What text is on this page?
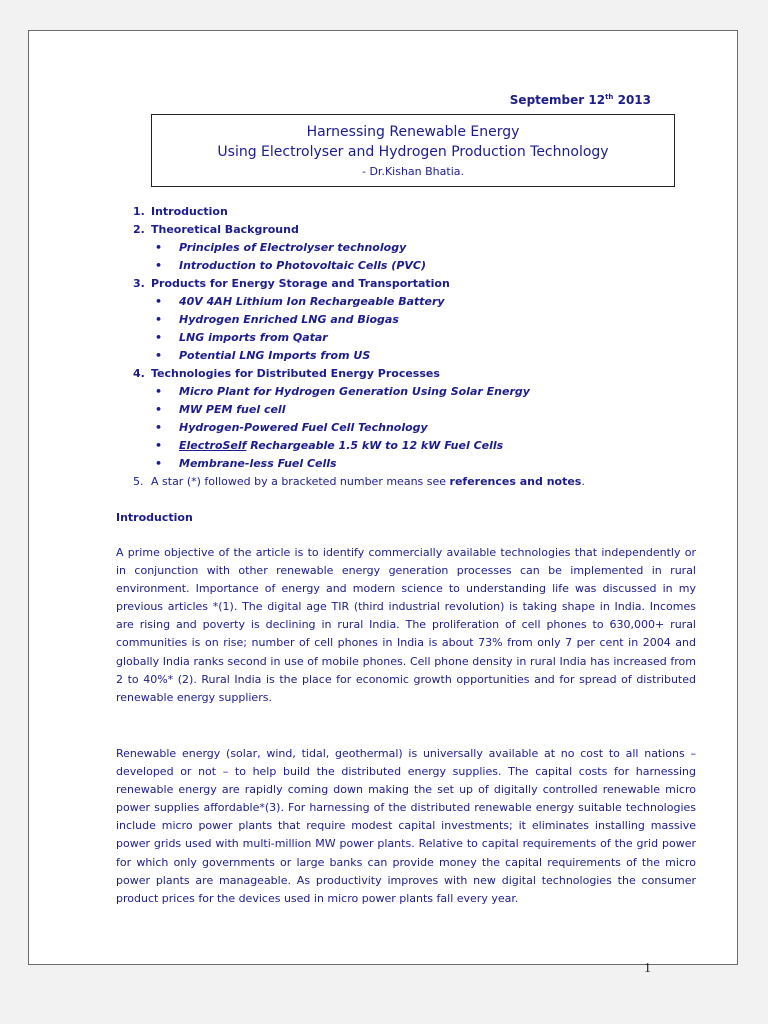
September 12th 2013
Harnessing Renewable Energy
Using Electrolyser and Hydrogen Production Technology
- Dr.Kishan Bhatia.
1. Introduction
2. Theoretical Background
• Principles of Electrolyser technology
• Introduction to Photovoltaic Cells (PVC)
3. Products for Energy Storage and Transportation
• 40V 4AH Lithium Ion Rechargeable Battery
• Hydrogen Enriched LNG and Biogas
• LNG imports from Qatar
• Potential LNG Imports from US
4. Technologies for Distributed Energy Processes
• Micro Plant for Hydrogen Generation Using Solar Energy
• MW PEM fuel cell
• Hydrogen-Powered Fuel Cell Technology
• ElectroSelf Rechargeable 1.5 kW to 12 kW Fuel Cells
• Membrane-less Fuel Cells
5. A star (*) followed by a bracketed number means see references and notes.
Introduction

A prime objective of the article is to identify commercially available technologies that independently or in conjunction with other renewable energy generation processes can be implemented in rural environment. Importance of energy and modern science to understanding life was discussed in my previous articles *(1). The digital age TIR (third industrial revolution) is taking shape in India. Incomes are rising and poverty is declining in rural India. The proliferation of cell phones to 630,000+ rural communities is on rise; number of cell phones in India is about 73% from only 7 per cent in 2004 and globally India ranks second in use of mobile phones. Cell phone density in rural India has increased from 2 to 40%* (2). Rural India is the place for economic growth opportunities and for spread of distributed renewable energy suppliers.

Renewable energy (solar, wind, tidal, geothermal) is universally available at no cost to all nations – developed or not – to help build the distributed energy supplies. The capital costs for harnessing renewable energy are rapidly coming down making the set up of digitally controlled renewable micro power supplies affordable*(3). For harnessing of the distributed renewable energy suitable technologies include micro power plants that require modest capital investments; it eliminates installing massive power grids used with multi-million MW power plants. Relative to capital requirements of the grid power for which only governments or large banks can provide money the capital requirements of the micro power plants are manageable. As productivity improves with new digital technologies the consumer product prices for the devices used in micro power plants fall every year.

1
